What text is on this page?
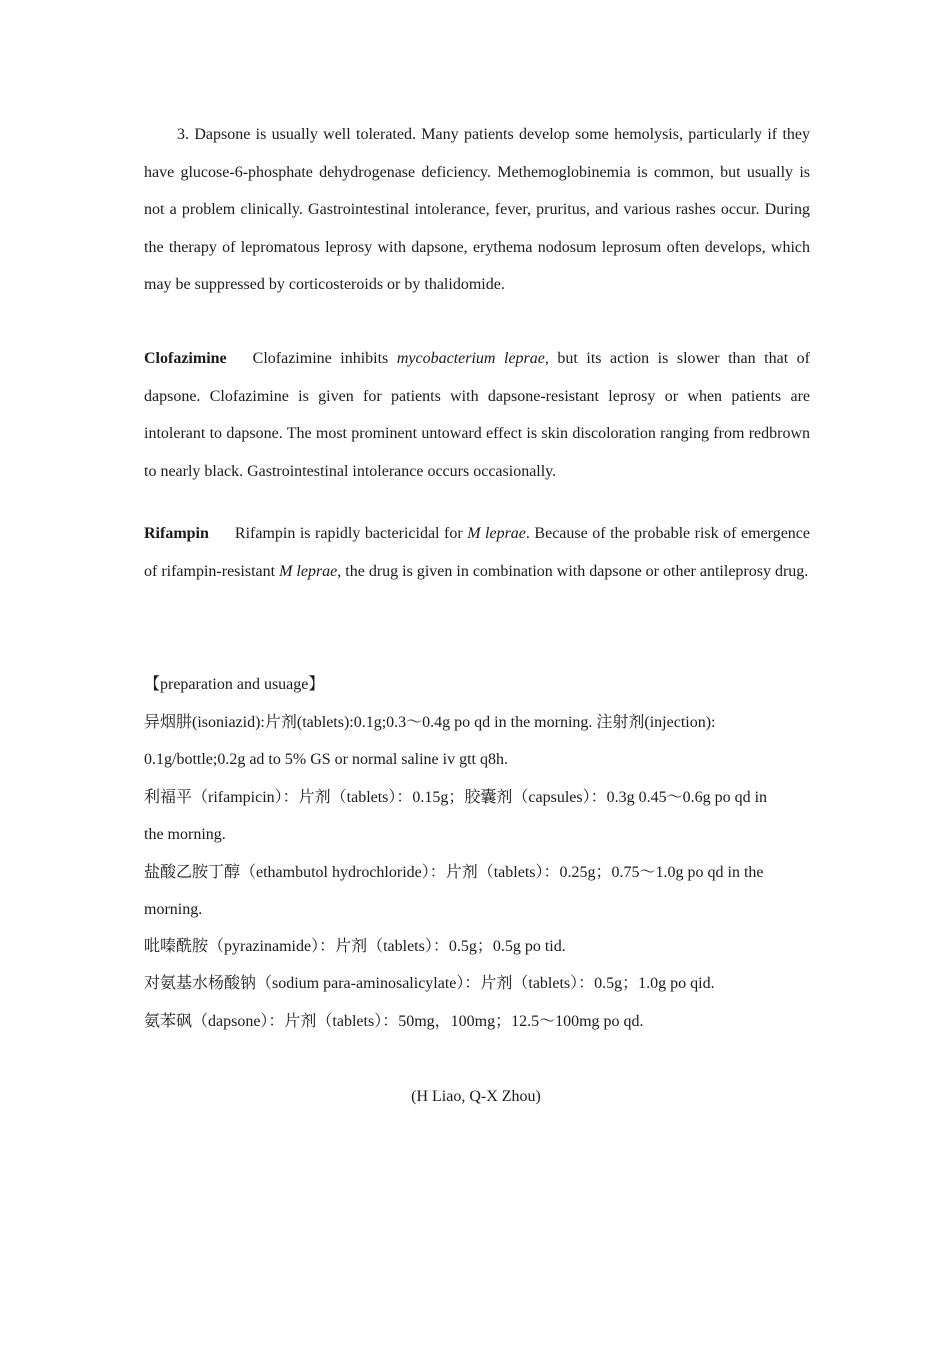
3. Dapsone is usually well tolerated. Many patients develop some hemolysis, particularly if they have glucose-6-phosphate dehydrogenase deficiency. Methemoglobinemia is common, but usually is not a problem clinically. Gastrointestinal intolerance, fever, pruritus, and various rashes occur. During the therapy of lepromatous leprosy with dapsone, erythema nodosum leprosum often develops, which may be suppressed by corticosteroids or by thalidomide.

Clofazimine Clofazimine inhibits mycobacterium leprae, but its action is slower than that of dapsone. Clofazimine is given for patients with dapsone-resistant leprosy or when patients are intolerant to dapsone. The most prominent untoward effect is skin discoloration ranging from redbrown to nearly black. Gastrointestinal intolerance occurs occasionally.

Rifampin Rifampin is rapidly bactericidal for M leprae. Because of the probable risk of emergence of rifampin-resistant M leprae, the drug is given in combination with dapsone or other antileprosy drug.

【preparation and usuage】
异烟肼(isoniazid):片剂(tablets):0.1g;0.3～0.4g po qd in the morning. 注射剂(injection):
0.1g/bottle;0.2g ad to 5% GS or normal saline iv gtt q8h.
利福平（rifampicin）：片剂（tablets）：0.15g；胶囊剂（capsules）：0.3g 0.45～0.6g po qd in
the morning.
盐酸乙胺丁醇（ethambutol hydrochloride）：片剂（tablets）：0.25g；0.75～1.0g po qd in the
morning.
吡嗪酰胺（pyrazinamide）：片剂（tablets）：0.5g；0.5g po tid.
对氨基水杨酸钠（sodium para-aminosalicylate）：片剂（tablets）：0.5g；1.0g po qid.
氨苯砜（dapsone）：片剂（tablets）：50mg，100mg；12.5～100mg po qd.
(H Liao, Q-X Zhou)
